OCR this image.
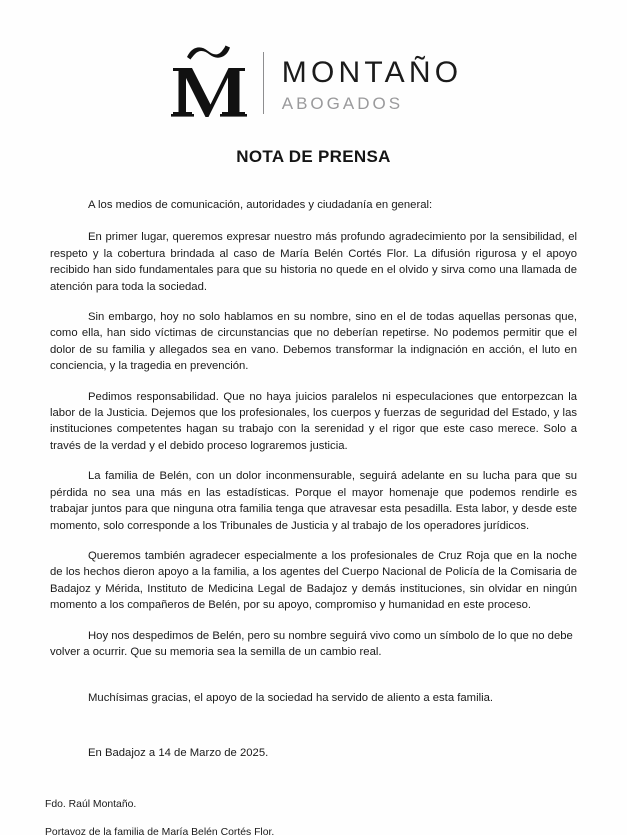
MONTAÑO
ABOGADOS
NOTA DE PRENSA

A los medios de comunicación, autoridades y ciudadanía en general:

En primer lugar, queremos expresar nuestro más profundo agradecimiento por la sensibilidad, el respeto y la cobertura brindada al caso de María Belén Cortés Flor. La difusión rigurosa y el apoyo recibido han sido fundamentales para que su historia no quede en el olvido y sirva como una llamada de atención para toda la sociedad.

Sin embargo, hoy no solo hablamos en su nombre, sino en el de todas aquellas personas que, como ella, han sido víctimas de circunstancias que no deberían repetirse. No podemos permitir que el dolor de su familia y allegados sea en vano. Debemos transformar la indignación en acción, el luto en conciencia, y la tragedia en prevención.

Pedimos responsabilidad. Que no haya juicios paralelos ni especulaciones que entorpezcan la labor de la Justicia. Dejemos que los profesionales, los cuerpos y fuerzas de seguridad del Estado, y las instituciones competentes hagan su trabajo con la serenidad y el rigor que este caso merece. Solo a través de la verdad y el debido proceso lograremos justicia.

La familia de Belén, con un dolor inconmensurable, seguirá adelante en su lucha para que su pérdida no sea una más en las estadísticas. Porque el mayor homenaje que podemos rendirle es trabajar juntos para que ninguna otra familia tenga que atravesar esta pesadilla. Esta labor, y desde este momento, solo corresponde a los Tribunales de Justicia y al trabajo de los operadores jurídicos.

Queremos también agradecer especialmente a los profesionales de Cruz Roja que en la noche de los hechos dieron apoyo a la familia, a los agentes del Cuerpo Nacional de Policía de la Comisaria de Badajoz y Mérida, Instituto de Medicina Legal de Badajoz y demás instituciones, sin olvidar en ningún momento a los compañeros de Belén, por su apoyo, compromiso y humanidad en este proceso.

Hoy nos despedimos de Belén, pero su nombre seguirá vivo como un símbolo de lo que no debe volver a ocurrir. Que su memoria sea la semilla de un cambio real.

Muchísimas gracias, el apoyo de la sociedad ha servido de aliento a esta familia.

En Badajoz a 14 de Marzo de 2025.

Fdo. Raúl Montaño.

Portavoz de la familia de María Belén Cortés Flor.
